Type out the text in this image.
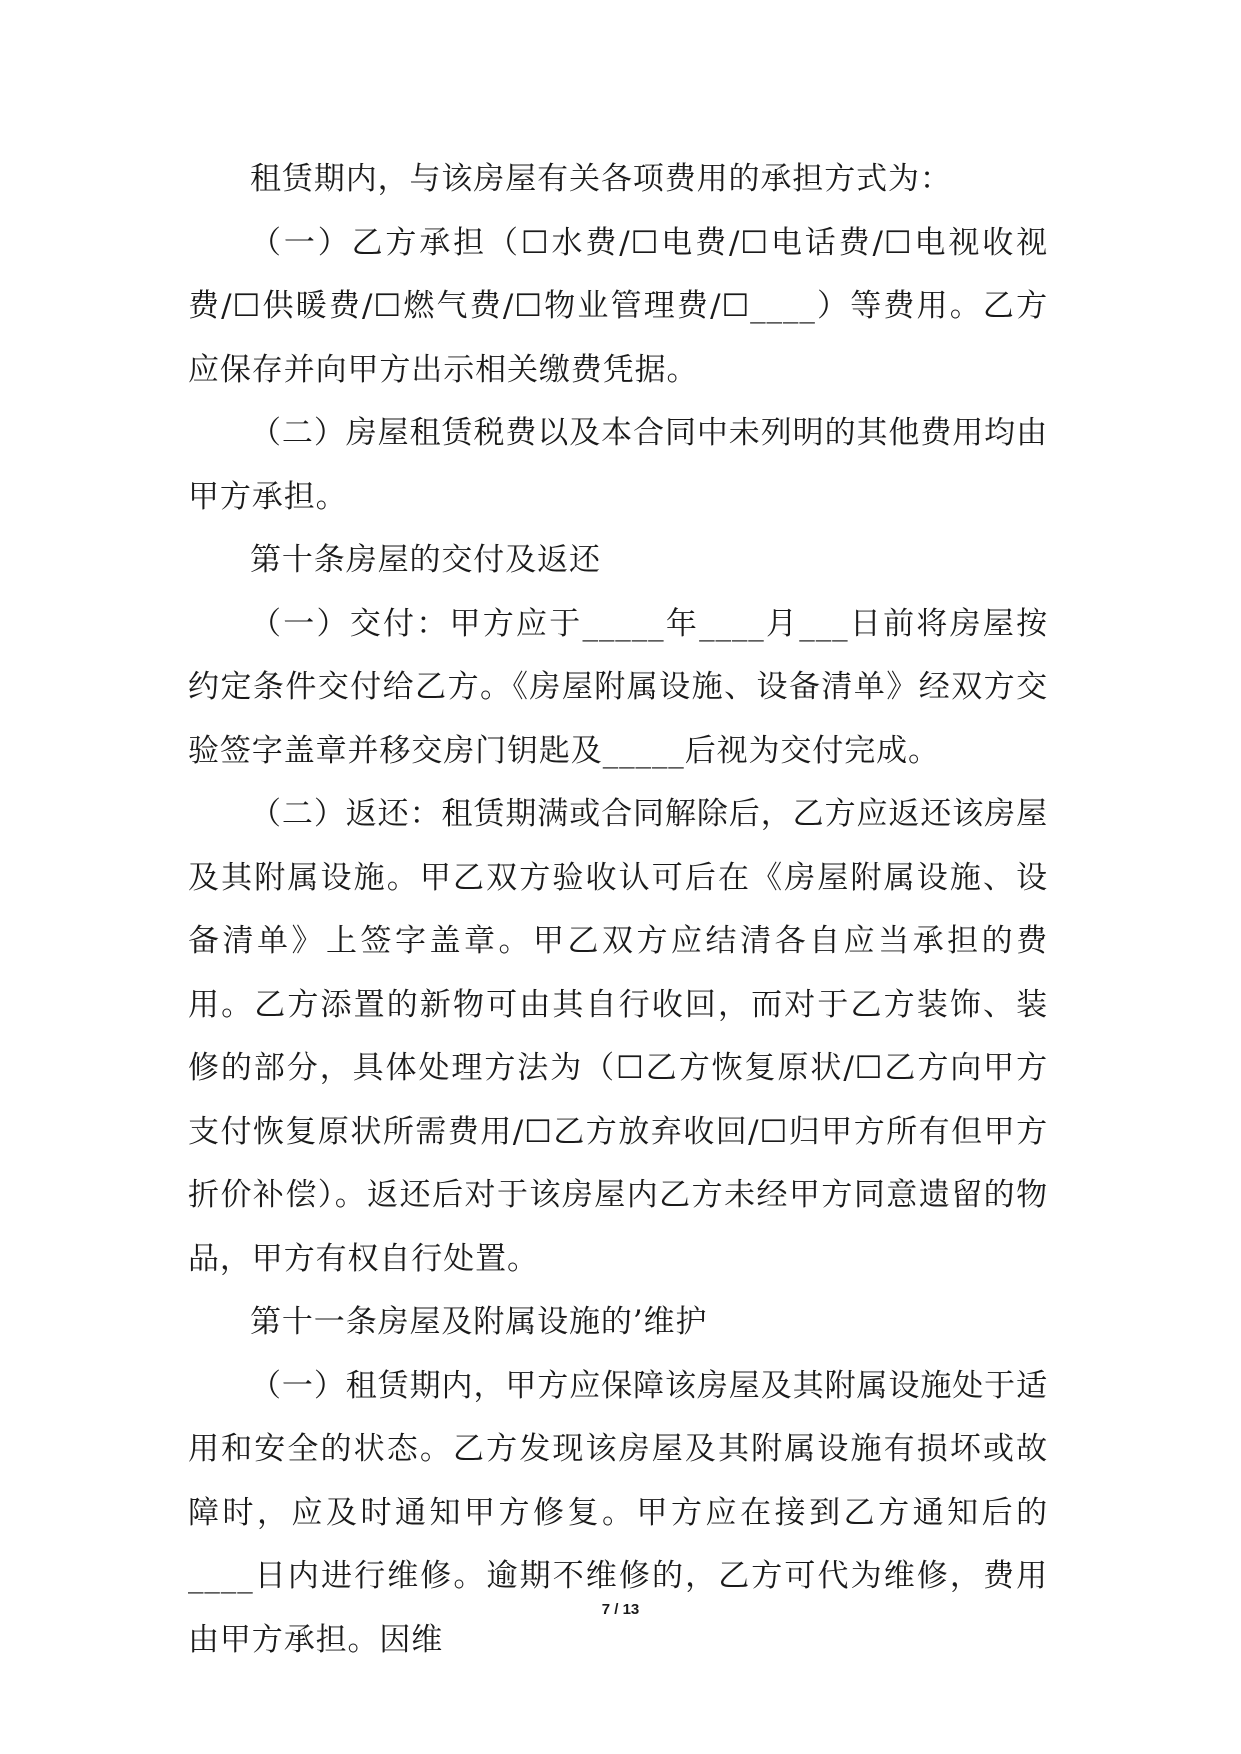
租赁期内，与该房屋有关各项费用的承担方式为：

（一）乙方承担（☐水费/☐电费/☐电话费/☐电视收视费/☐供暖费/☐燃气费/☐物业管理费/☐____）等费用。乙方应保存并向甲方出示相关缴费凭据。

（二）房屋租赁税费以及本合同中未列明的其他费用均由甲方承担。

第十条房屋的交付及返还

（一）交付：甲方应于_____年____月___日前将房屋按约定条件交付给乙方。《房屋附属设施、设备清单》经双方交验签字盖章并移交房门钥匙及_____后视为交付完成。

（二）返还：租赁期满或合同解除后，乙方应返还该房屋及其附属设施。甲乙双方验收认可后在《房屋附属设施、设备清单》上签字盖章。甲乙双方应结清各自应当承担的费用。乙方添置的新物可由其自行收回，而对于乙方装饰、装修的部分，具体处理方法为（☐乙方恢复原状/☐乙方向甲方支付恢复原状所需费用/☐乙方放弃收回/☐归甲方所有但甲方折价补偿）。返还后对于该房屋内乙方未经甲方同意遗留的物品，甲方有权自行处置。

第十一条房屋及附属设施的’维护

（一）租赁期内，甲方应保障该房屋及其附属设施处于适用和安全的状态。乙方发现该房屋及其附属设施有损坏或故障时，应及时通知甲方修复。甲方应在接到乙方通知后的____日内进行维修。逾期不维修的，乙方可代为维修，费用由甲方承担。因维

7 / 13
